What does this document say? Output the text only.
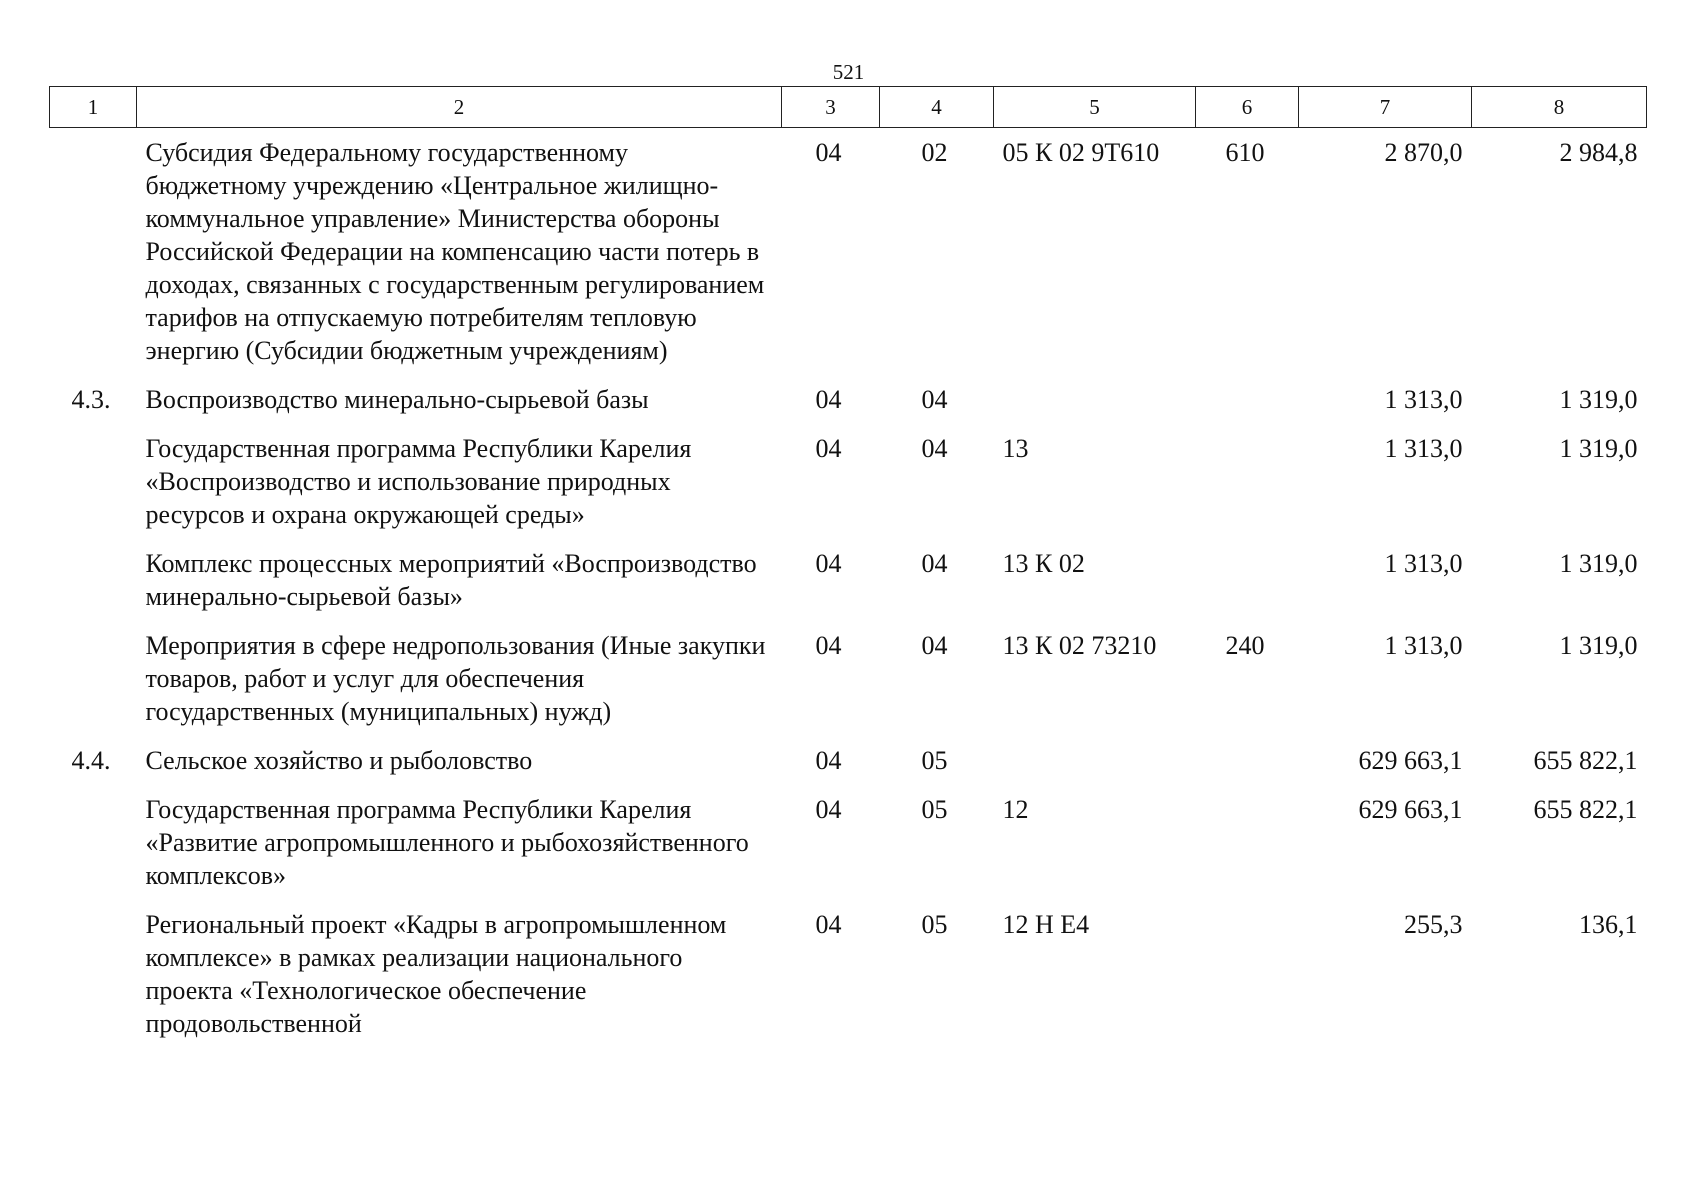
521
1	2	3	4	5	6	7	8
	Субсидия Федеральному государственному бюджетному учреждению «Центральное жилищно-коммунальное управление» Министерства обороны Российской Федерации на компенсацию части потерь в доходах, связанных с государственным регулированием тарифов на отпускаемую потребителям тепловую энергию (Субсидии бюджетным учреждениям)	04	02	05 К 02 9Т610	610	2 870,0	2 984,8
4.3.	Воспроизводство минерально-сырьевой базы	04	04			1 313,0	1 319,0
	Государственная программа Республики Карелия «Воспроизводство и использование природных ресурсов и охрана окружающей среды»	04	04	13		1 313,0	1 319,0
	Комплекс процессных мероприятий «Воспроизводство минерально-сырьевой базы»	04	04	13 К 02		1 313,0	1 319,0
	Мероприятия в сфере недропользования (Иные закупки товаров, работ и услуг для обеспечения государственных (муниципальных) нужд)	04	04	13 К 02 73210	240	1 313,0	1 319,0
4.4.	Сельское хозяйство и рыболовство	04	05			629 663,1	655 822,1
	Государственная программа Республики Карелия «Развитие агропромышленного и рыбохозяйственного комплексов»	04	05	12		629 663,1	655 822,1
	Региональный проект «Кадры в агропромышленном комплексе» в рамках реализации национального проекта «Технологическое обеспечение продовольственной	04	05	12 Н Е4		255,3	136,1
